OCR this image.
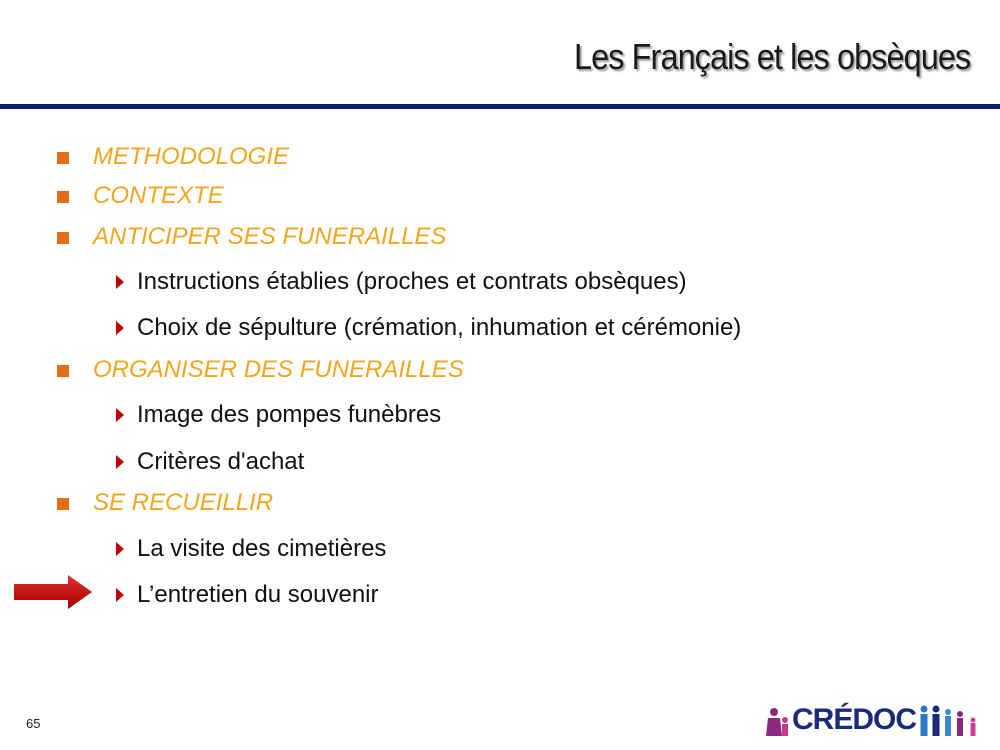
Les Français et les obsèques
METHODOLOGIE
CONTEXTE
ANTICIPER SES FUNERAILLES
Instructions établies (proches et contrats obsèques)
Choix de sépulture (crémation, inhumation et cérémonie)
ORGANISER DES FUNERAILLES
Image des pompes funèbres
Critères d'achat
SE RECUEILLIR
La visite des cimetières
L’entretien du souvenir
65	CRÉDOC
